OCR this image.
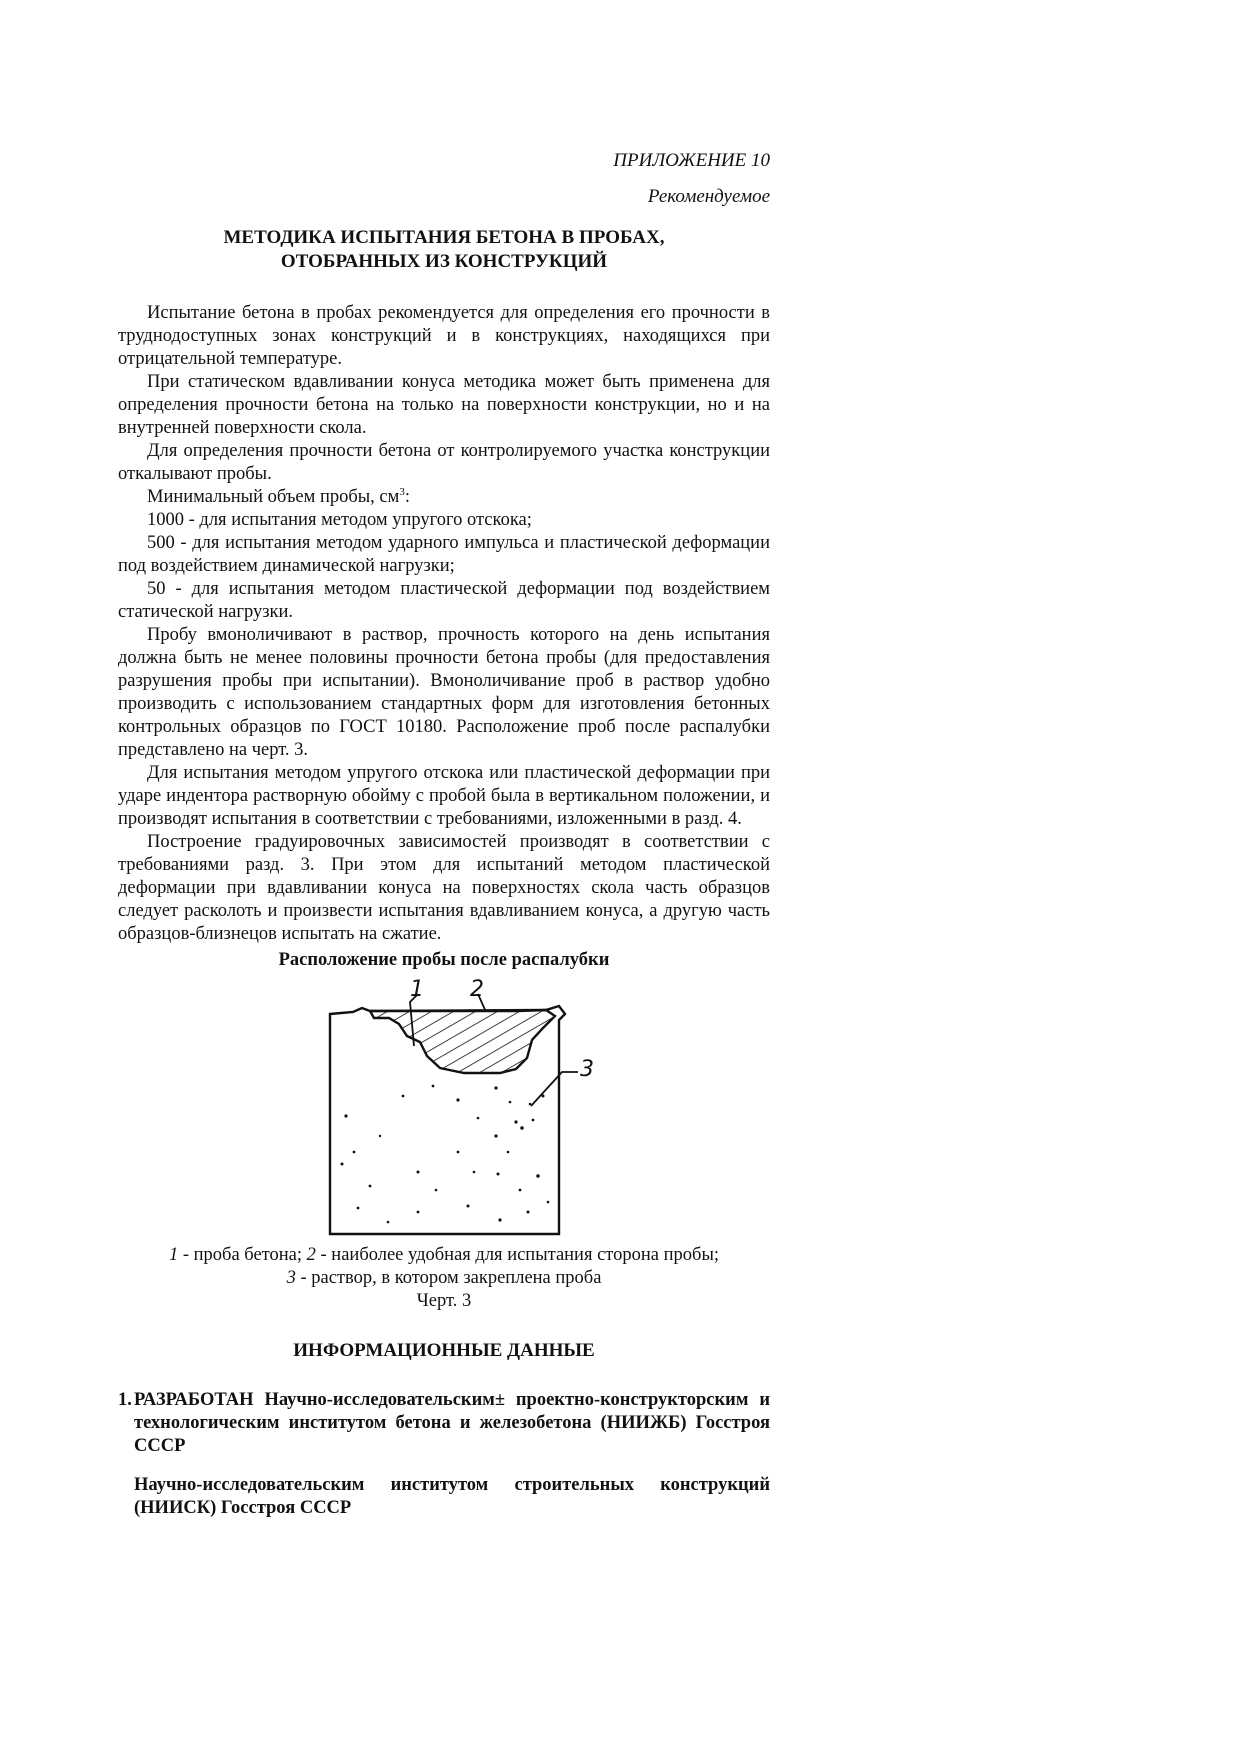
ПРИЛОЖЕНИЕ 10

Рекомендуемое

МЕТОДИКА ИСПЫТАНИЯ БЕТОНА В ПРОБАХ,
ОТОБРАННЫХ ИЗ КОНСТРУКЦИЙ

Испытание бетона в пробах рекомендуется для определения его прочности в труднодоступных зонах конструкций и в конструкциях, находящихся при отрицательной температуре.

При статическом вдавливании конуса методика может быть применена для определения прочности бетона на только на поверхности конструкции, но и на внутренней поверхности скола.

Для определения прочности бетона от контролируемого участка конструкции откалывают пробы.

Минимальный объем пробы, $см^3$:

1000 - для испытания методом упругого отскока;

500 - для испытания методом ударного импульса и пластической деформации под воздействием динамической нагрузки;

50 - для испытания методом пластической деформации под воздействием статической нагрузки.

Пробу вмоноличивают в раствор, прочность которого на день испытания должна быть не менее половины прочности бетона пробы (для предоставления разрушения пробы при испытании). Вмоноличивание проб в раствор удобно производить с использованием стандартных форм для изготовления бетонных контрольных образцов по ГОСТ 10180. Расположение проб после распалубки представлено на черт. 3.

Для испытания методом упругого отскока или пластической деформации при ударе индентора растворную обойму с пробой была в вертикальном положении, и производят испытания в соответствии с требованиями, изложенными в разд. 4.

Построение градуировочных зависимостей производят в соответствии с требованиями разд. 3. При этом для испытаний методом пластической деформации при вдавливании конуса на поверхностях скола часть образцов следует расколоть и произвести испытания вдавливанием конуса, а другую часть образцов-близнецов испытать на сжатие.

Расположение пробы после распалубки

1 2
3
1 - проба бетона; 2 - наиболее удобная для испытания сторона пробы;
3 - раствор, в котором закреплена проба

Черт. 3

ИНФОРМАЦИОННЫЕ ДАННЫЕ

1. РАЗРАБОТАН Научно-исследовательским± проектно-конструкторским и технологическим институтом бетона и железобетона (НИИЖБ) Госстроя СССР

Научно-исследовательским институтом строительных конструкций (НИИСК) Госстроя СССР
